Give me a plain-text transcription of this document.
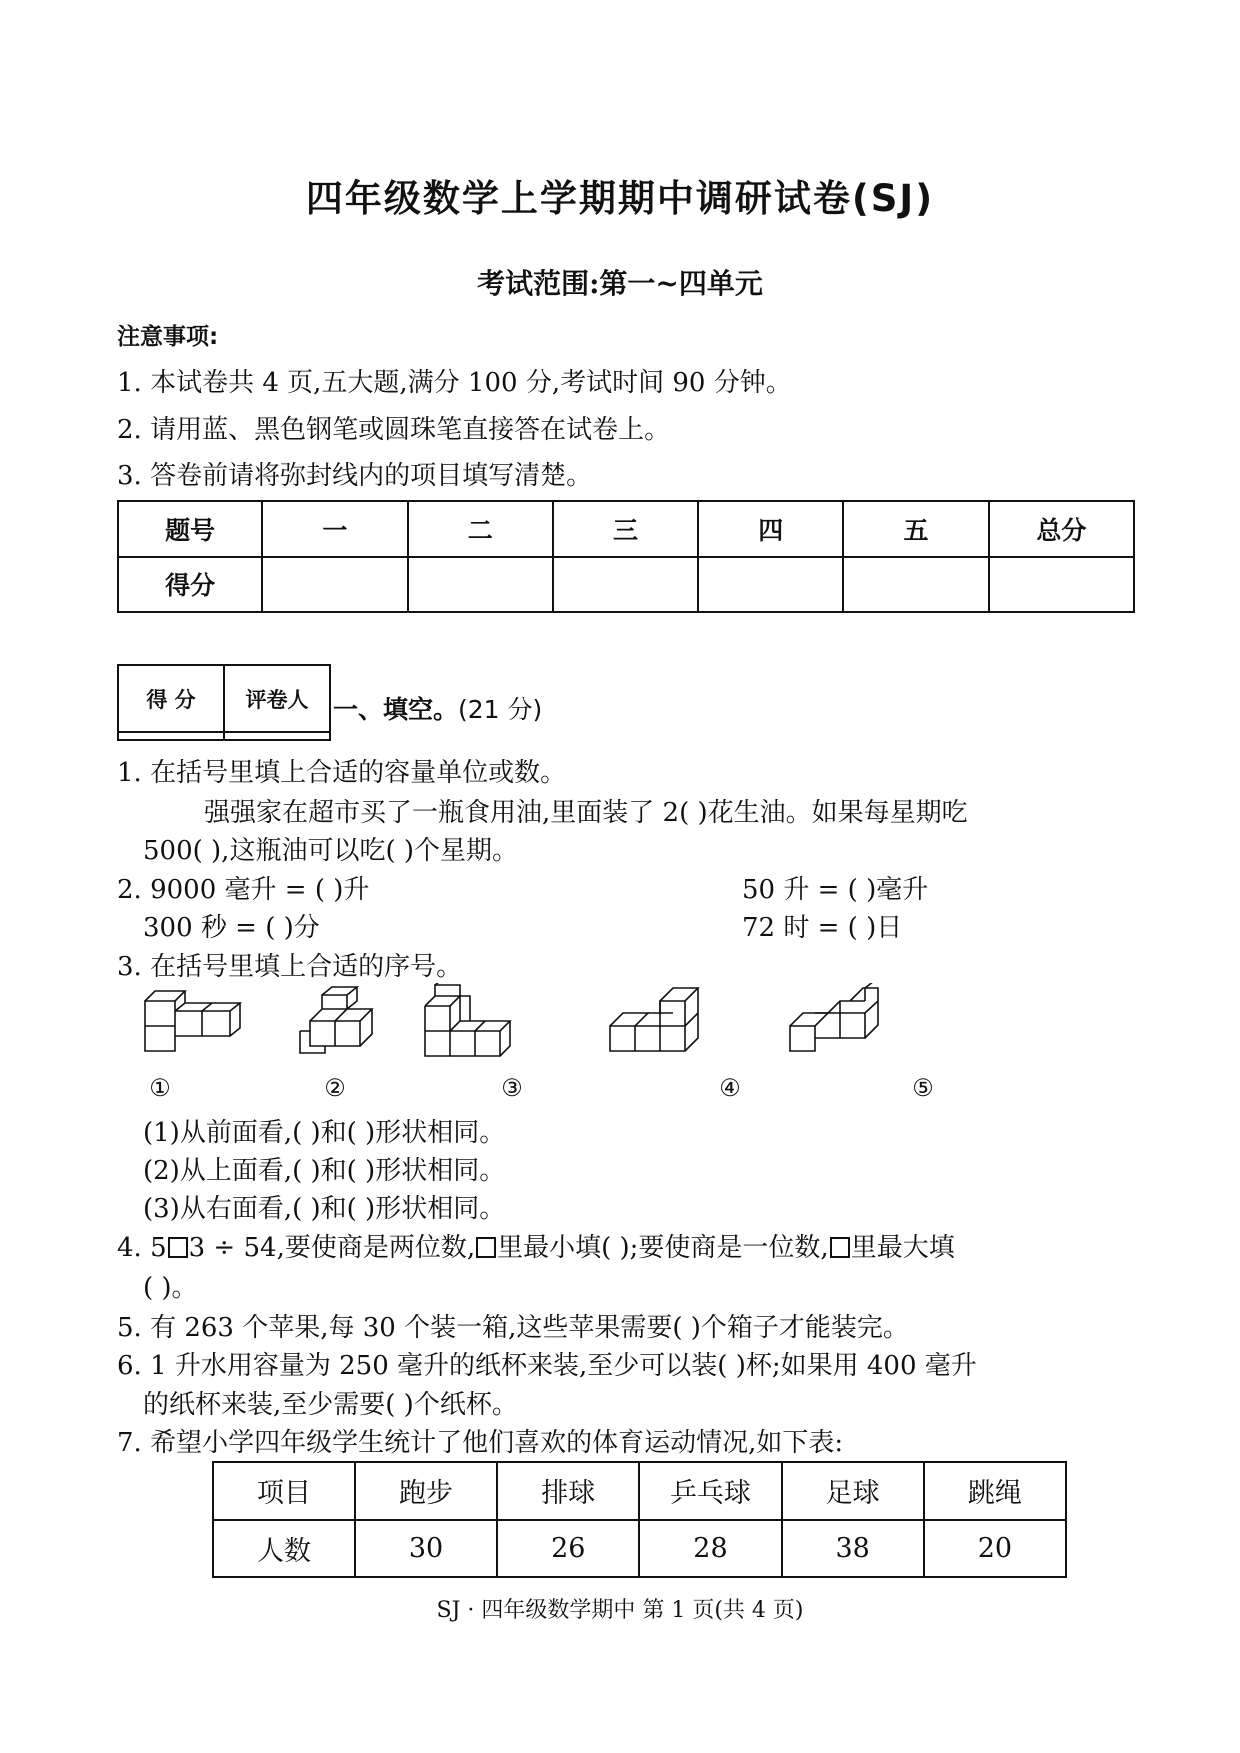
四年级数学上学期期中调研试卷(SJ)
考试范围:第一~四单元
注意事项:
1. 本试卷共 4 页,五大题,满分 100 分,考试时间 90 分钟。
2. 请用蓝、黑色钢笔或圆珠笔直接答在试卷上。
3. 答卷前请将弥封线内的项目填写清楚。
题号	一	二	三	四	五	总分
得分						
得 分	评卷人
	一、填空。(21 分)
1. 在括号里填上合适的容量单位或数。
强强家在超市买了一瓶食用油,里面装了 2( )花生油。如果每星期吃
500( ),这瓶油可以吃( )个星期。
2. 9000 毫升 = ( )升	50 升 = ( )毫升
300 秒 = ( )分	72 时 = ( )日
3. 在括号里填上合适的序号。
①	②	③	④	⑤
(1)从前面看,( )和( )形状相同。
(2)从上面看,( )和( )形状相同。
(3)从右面看,( )和( )形状相同。
4. 5 3 ÷ 54,要使商是两位数, 里最小填( );要使商是一位数, 里最大填
( )。
5. 有 263 个苹果,每 30 个装一箱,这些苹果需要( )个箱子才能装完。
6. 1 升水用容量为 250 毫升的纸杯来装,至少可以装( )杯;如果用 400 毫升
的纸杯来装,至少需要( )个纸杯。
7. 希望小学四年级学生统计了他们喜欢的体育运动情况,如下表:
项目	跑步	排球	乒乓球	足球	跳绳
人数	30	26	28	38	20
SJ · 四年级数学期中 第 1 页(共 4 页)
